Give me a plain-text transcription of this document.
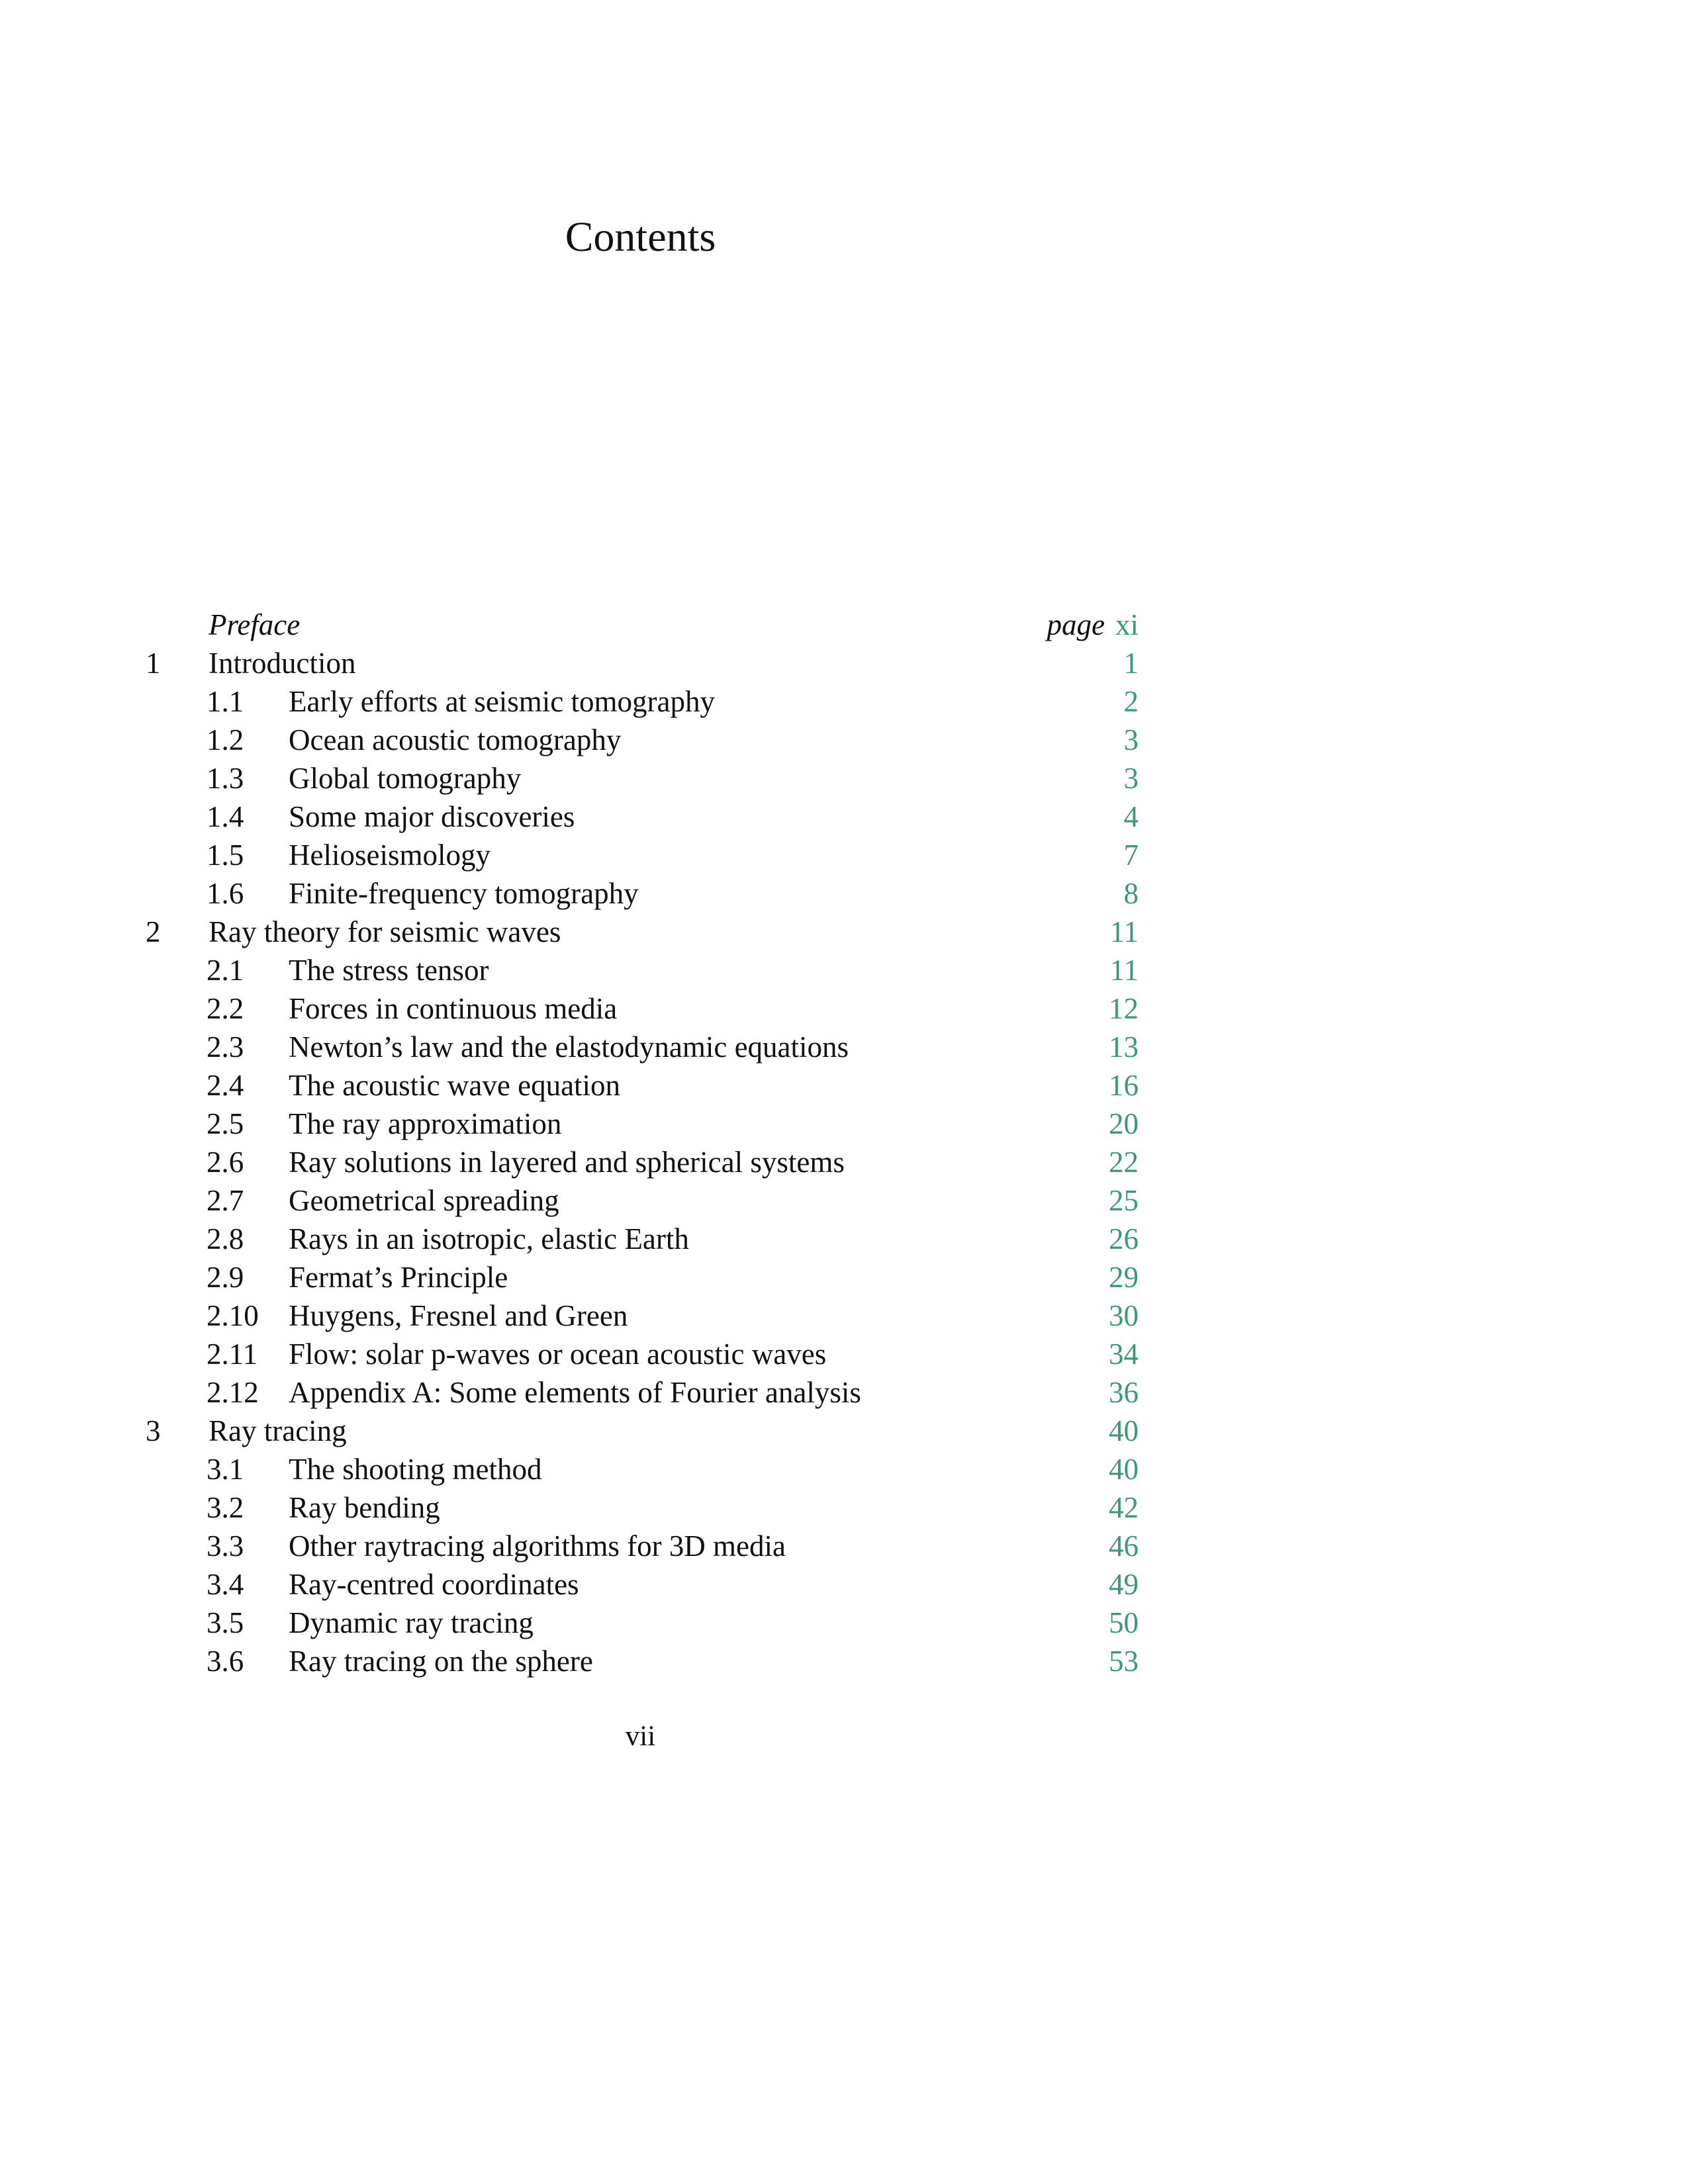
Contents
Preface	page xi
1 Introduction	1
1.1 Early efforts at seismic tomography	2
1.2 Ocean acoustic tomography	3
1.3 Global tomography	3
1.4 Some major discoveries	4
1.5 Helioseismology	7
1.6 Finite-frequency tomography	8
2 Ray theory for seismic waves	11
2.1 The stress tensor	11
2.2 Forces in continuous media	12
2.3 Newton’s law and the elastodynamic equations	13
2.4 The acoustic wave equation	16
2.5 The ray approximation	20
2.6 Ray solutions in layered and spherical systems	22
2.7 Geometrical spreading	25
2.8 Rays in an isotropic, elastic Earth	26
2.9 Fermat’s Principle	29
2.10 Huygens, Fresnel and Green	30
2.11 Flow: solar p-waves or ocean acoustic waves	34
2.12 Appendix A: Some elements of Fourier analysis	36
3 Ray tracing	40
3.1 The shooting method	40
3.2 Ray bending	42
3.3 Other raytracing algorithms for 3D media	46
3.4 Ray-centred coordinates	49
3.5 Dynamic ray tracing	50
3.6 Ray tracing on the sphere	53
vii
